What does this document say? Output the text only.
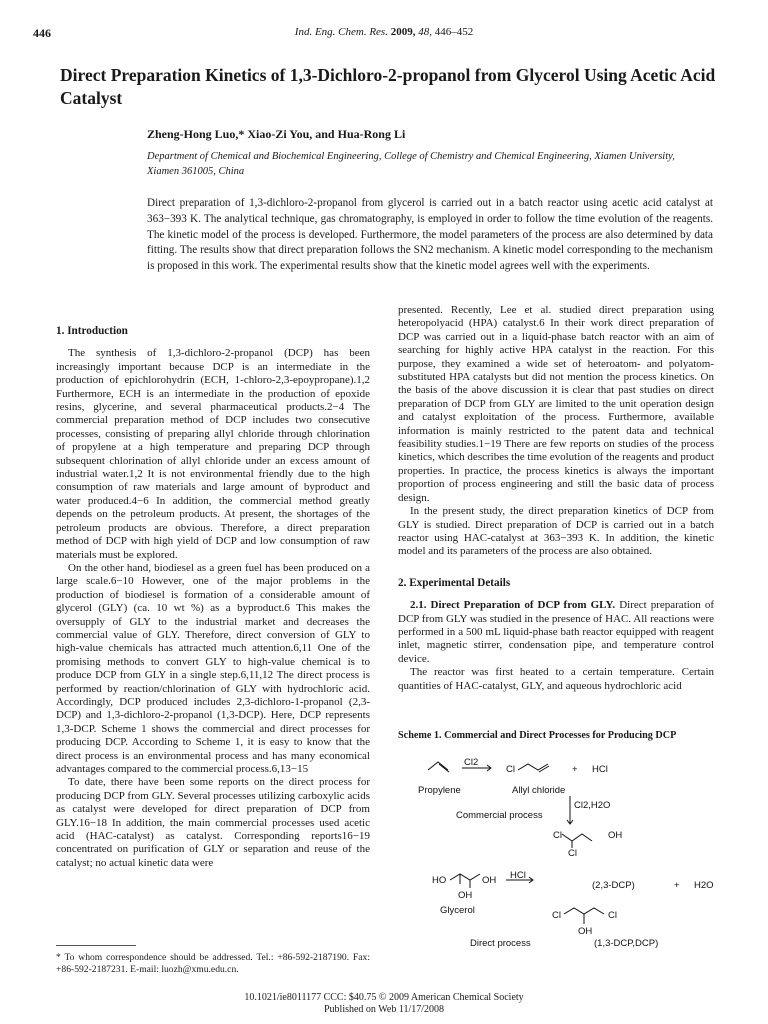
446	Ind. Eng. Chem. Res. 2009, 48, 446–452
Direct Preparation Kinetics of 1,3-Dichloro-2-propanol from Glycerol Using Acetic Acid Catalyst
Zheng-Hong Luo,* Xiao-Zi You, and Hua-Rong Li
Department of Chemical and Biochemical Engineering, College of Chemistry and Chemical Engineering, Xiamen University, Xiamen 361005, China
Direct preparation of 1,3-dichloro-2-propanol from glycerol is carried out in a batch reactor using acetic acid catalyst at 363−393 K. The analytical technique, gas chromatography, is employed in order to follow the time evolution of the reagents. The kinetic model of the process is developed. Furthermore, the model parameters of the process are also determined by data fitting. The results show that direct preparation follows the SN2 mechanism. A kinetic model corresponding to the mechanism is proposed in this work. The experimental results show that the kinetic model agrees well with the experiments.
1. Introduction

The synthesis of 1,3-dichloro-2-propanol (DCP) has been increasingly important because DCP is an intermediate in the production of epichlorohydrin (ECH, 1-chloro-2,3-epoypropane).1,2 Furthermore, ECH is an intermediate in the production of epoxide resins, glycerine, and several pharmaceutical products.2−4 The commercial preparation method of DCP includes two consecutive processes, consisting of preparing allyl chloride through chlorination of propylene at a high temperature and preparing DCP through subsequent chlorination of allyl chloride under an excess amount of industrial water.1,2 It is not environmental friendly due to the high consumption of raw materials and large amount of byproduct and water produced.4−6 In addition, the commercial method greatly depends on the petroleum products. At present, the shortages of the petroleum products are obvious. Therefore, a direct preparation method of DCP with high yield of DCP and low consumption of raw materials must be explored.

On the other hand, biodiesel as a green fuel has been produced on a large scale.6−10 However, one of the major problems in the production of biodiesel is formation of a considerable amount of glycerol (GLY) (ca. 10 wt %) as a byproduct.6 This makes the oversupply of GLY to the industrial market and decreases the commercial value of GLY. Therefore, direct conversion of GLY to high-value chemicals has attracted much attention.6,11 One of the promising methods to convert GLY to high-value chemical is to produce DCP from GLY in a single step.6,11,12 The direct process is performed by reaction/chlorination of GLY with hydrochloric acid. Accordingly, DCP produced includes 2,3-dichloro-1-propanol (2,3-DCP) and 1,3-dichloro-2-propanol (1,3-DCP). Here, DCP represents 1,3-DCP. Scheme 1 shows the commercial and direct processes for producing DCP. According to Scheme 1, it is easy to know that the direct process is an environmental process and has many economical advantages compared to the commercial process.6,13−15

To date, there have been some reports on the direct process for producing DCP from GLY. Several processes utilizing carboxylic acids as catalyst were developed for direct preparation of DCP from GLY.16−18 In addition, the main commercial processes used acetic acid (HAC-catalyst) as catalyst. Corresponding reports16−19 concentrated on purification of GLY or separation and reuse of the catalyst; no actual kinetic data were

* To whom correspondence should be addressed. Tel.: +86-592-2187190. Fax: +86-592-2187231. E-mail: luozh@xmu.edu.cn.

presented. Recently, Lee et al. studied direct preparation using heteropolyacid (HPA) catalyst.6 In their work direct preparation of DCP was carried out in a liquid-phase batch reactor with an aim of searching for highly active HPA catalyst in the reaction. For this purpose, they examined a wide set of heteroatom- and polyatom-substituted HPA catalysts but did not mention the process kinetics. On the basis of the above discussion it is clear that past studies on direct preparation of DCP from GLY are limited to the unit operation design and catalyst exploitation of the process. Furthermore, available information is mainly restricted to the patent data and technical feasibility studies.1−19 There are few reports on studies of the process kinetics, which describes the time evolution of the reagents and product properties. In practice, the process kinetics is always the important proportion of process engineering and still the basic data of process design.

In the present study, the direct preparation kinetics of DCP from GLY is studied. Direct preparation of DCP is carried out in a batch reactor using HAC-catalyst at 363−393 K. In addition, the kinetic model and its parameters of the process are also obtained.

2. Experimental Details

2.1. Direct Preparation of DCP from GLY. Direct preparation of DCP from GLY was studied in the presence of HAC. All reactions were performed in a 500 mL liquid-phase bath reactor equipped with reagent inlet, magnetic stirrer, condensation pipe, and temperature control device.

The reactor was first heated to a certain temperature. Certain quantities of HAC-catalyst, GLY, and aqueous hydrochloric acid

Scheme 1. Commercial and Direct Processes for Producing DCP
Cl2
Cl	+ HCl
Propylene	Allyl chloride
Cl2,H2O
Commercial process
Cl	OH
Cl
HO	OH HCl
(2,3-DCP)	+ H2O
OH
Glycerol	Cl	Cl
OH
Direct process	(1,3-DCP,DCP)
10.1021/ie8011177 CCC: $40.75 © 2009 American Chemical Society
Published on Web 11/17/2008
